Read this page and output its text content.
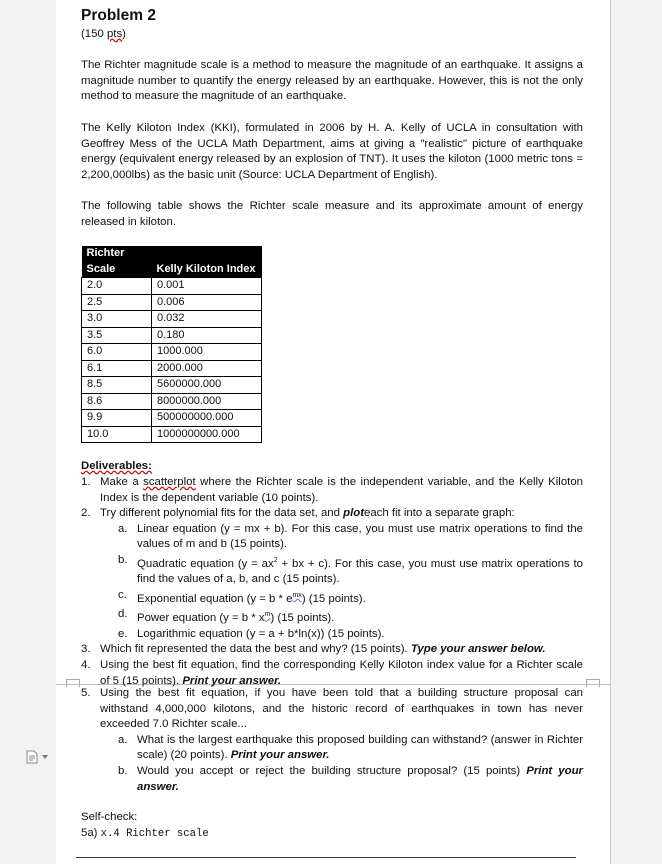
Problem 2
(150 pts)

The Richter magnitude scale is a method to measure the magnitude of an earthquake. It assigns a magnitude number to quantify the energy released by an earthquake. However, this is not the only method to measure the magnitude of an earthquake.

The Kelly Kiloton Index (KKI), formulated in 2006 by H. A. Kelly of UCLA in consultation with Geoffrey Mess of the UCLA Math Department, aims at giving a "realistic" picture of earthquake energy (equivalent energy released by an explosion of TNT). It uses the kiloton (1000 metric tons = 2,200,000lbs) as the basic unit (Source: UCLA Department of English).

The following table shows the Richter scale measure and its approximate amount of energy released in kiloton.

Richter
Scale	Kelly Kiloton Index
2.0	0.001
2.5	0.006
3.0	0.032
3.5	0.180
6.0	1000.000
6.1	2000.000
8.5	5600000.000
8.6	8000000.000
9.9	500000000.000
10.0	1000000000.000
Deliverables:
1. Make a scatterplot where the Richter scale is the independent variable, and the Kelly Kiloton Index is the dependent variable (10 points).
2. Try different polynomial fits for the data set, and ploteach fit into a separate graph:
a. Linear equation (y = mx + b). For this case, you must use matrix operations to find the values of m and b (15 points).
b. Quadratic equation ($y = ax^2$ + bx + c). For this case, you must use matrix operations to find the values of a, b, and c (15 points).
c. Exponential equation $(y = b * e^{mx})$ (15 points).
d. Power equation $(y = b * x^m)$ (15 points).
e. Logarithmic equation (y = a + b*ln(x)) (15 points).
3. Which fit represented the data the best and why? (15 points). Type your answer below.
4. Using the best fit equation, find the corresponding Kelly Kiloton index value for a Richter scale of 5 (15 points). Print your answer.
5. Using the best fit equation, if you have been told that a building structure proposal can withstand 4,000,000 kilotons, and the historic record of earthquakes in town has never exceeded 7.0 Richter scale...
a. What is the largest earthquake this proposed building can withstand? (answer in Richter scale) (20 points). Print your answer.
b. Would you accept or reject the building structure proposal? (15 points) Print your answer.
Self-check:
5a) x.4 Richter scale
